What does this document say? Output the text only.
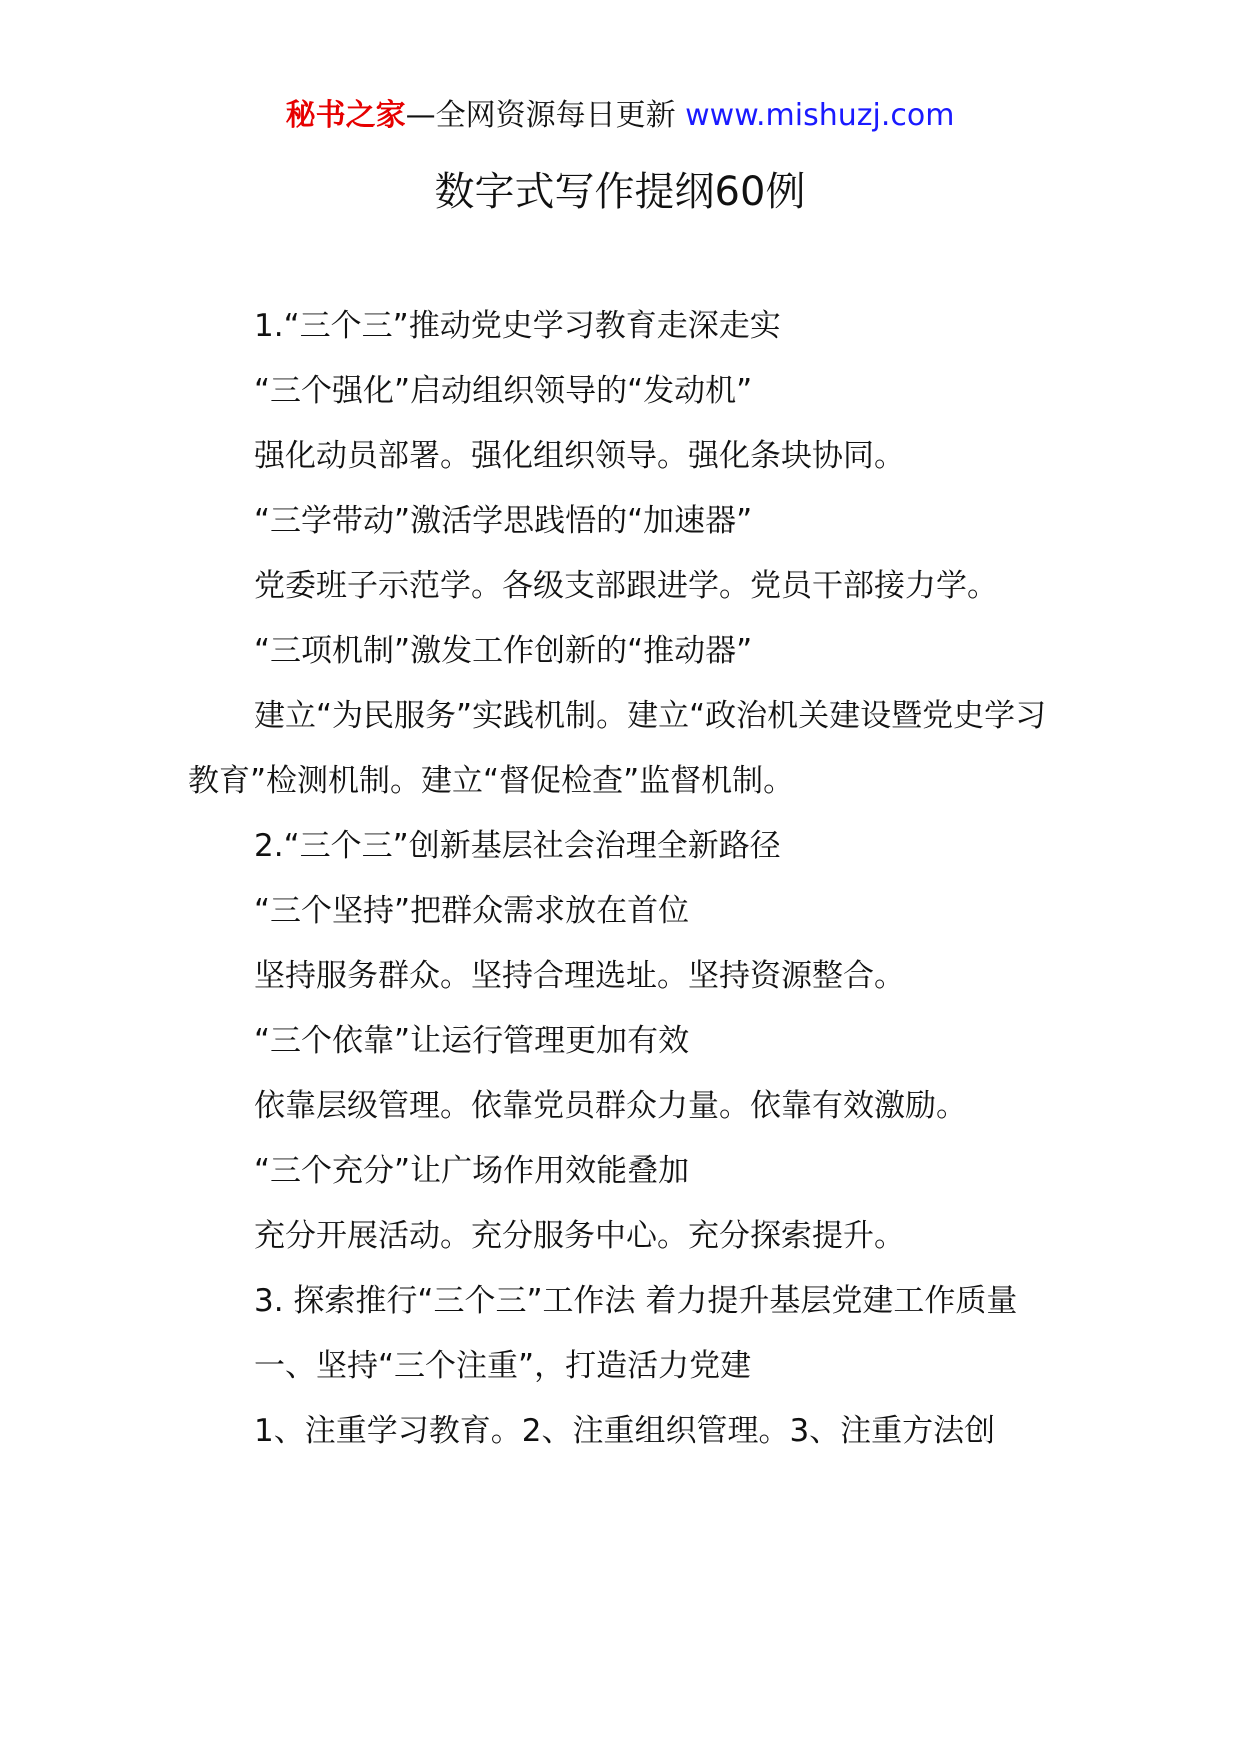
秘书之家—全网资源每日更新 www.mishuzj.com
数字式写作提纲60例

1.“三个三”推动党史学习教育走深走实

“三个强化”启动组织领导的“发动机”

强化动员部署。强化组织领导。强化条块协同。

“三学带动”激活学思践悟的“加速器”

党委班子示范学。各级支部跟进学。党员干部接力学。

“三项机制”激发工作创新的“推动器”

建立“为民服务”实践机制。建立“政治机关建设暨党史学习教育”检测机制。建立“督促检查”监督机制。

2.“三个三”创新基层社会治理全新路径

“三个坚持”把群众需求放在首位

坚持服务群众。坚持合理选址。坚持资源整合。

“三个依靠”让运行管理更加有效

依靠层级管理。依靠党员群众力量。依靠有效激励。

“三个充分”让广场作用效能叠加

充分开展活动。充分服务中心。充分探索提升。

3. 探索推行“三个三”工作法 着力提升基层党建工作质量

一、坚持“三个注重”，打造活力党建

1、注重学习教育。2、注重组织管理。3、注重方法创
